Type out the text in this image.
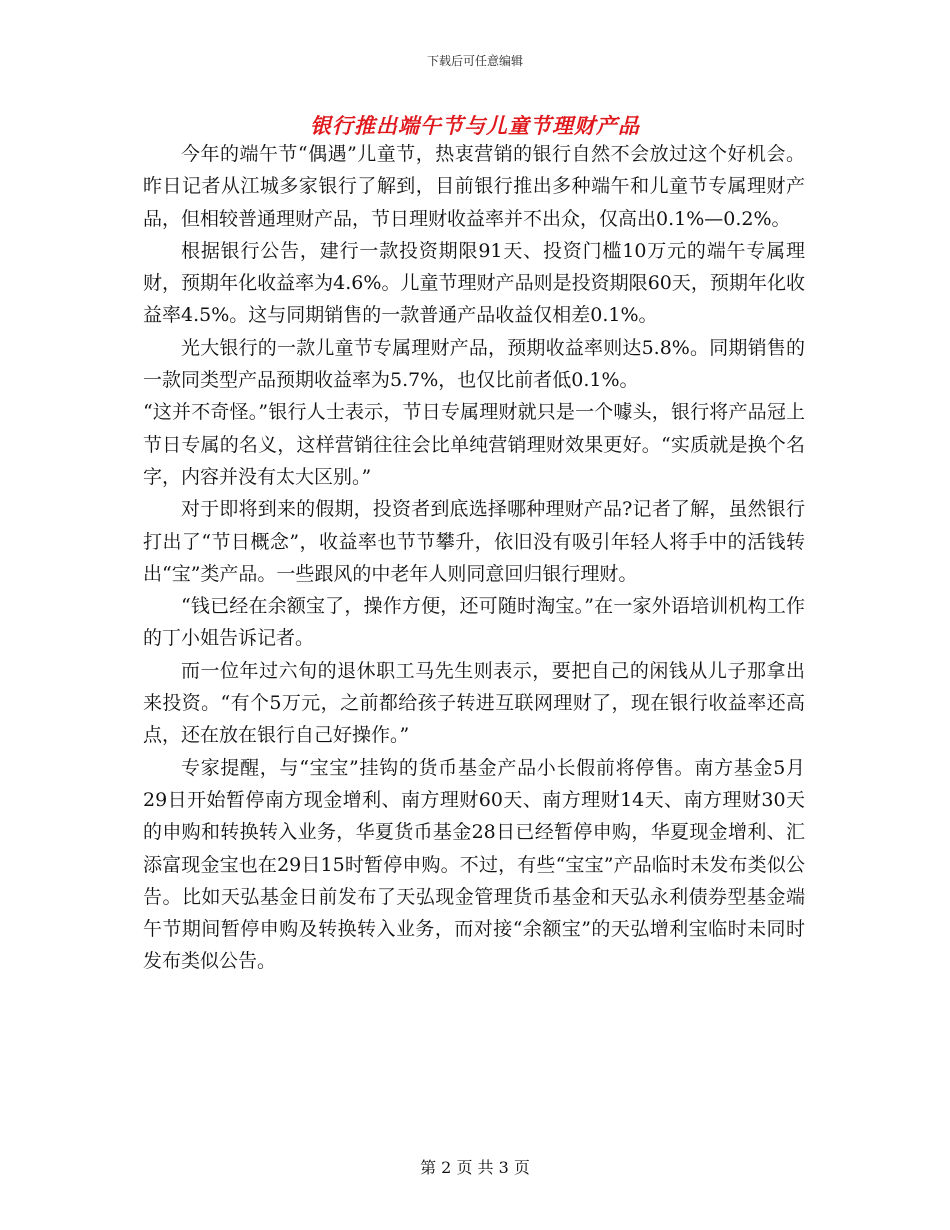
下载后可任意编辑
银行推出端午节与儿童节理财产品

今年的端午节“偶遇”儿童节，热衷营销的银行自然不会放过这个好机会。昨日记者从江城多家银行了解到，目前银行推出多种端午和儿童节专属理财产品，但相较普通理财产品，节日理财收益率并不出众，仅高出0.1%—0.2%。

根据银行公告，建行一款投资期限91天、投资门槛10万元的端午专属理财，预期年化收益率为4.6%。儿童节理财产品则是投资期限60天，预期年化收益率4.5%。这与同期销售的一款普通产品收益仅相差0.1%。

光大银行的一款儿童节专属理财产品，预期收益率则达5.8%。同期销售的一款同类型产品预期收益率为5.7%，也仅比前者低0.1%。

“这并不奇怪。”银行人士表示，节日专属理财就只是一个噱头，银行将产品冠上节日专属的名义，这样营销往往会比单纯营销理财效果更好。“实质就是换个名字，内容并没有太大区别。”

对于即将到来的假期，投资者到底选择哪种理财产品?记者了解，虽然银行打出了“节日概念”，收益率也节节攀升，依旧没有吸引年轻人将手中的活钱转出“宝”类产品。一些跟风的中老年人则同意回归银行理财。

“钱已经在余额宝了，操作方便，还可随时淘宝。”在一家外语培训机构工作的丁小姐告诉记者。

而一位年过六旬的退休职工马先生则表示，要把自己的闲钱从儿子那拿出来投资。“有个5万元，之前都给孩子转进互联网理财了，现在银行收益率还高点，还在放在银行自己好操作。”

专家提醒，与“宝宝”挂钩的货币基金产品小长假前将停售。南方基金5月29日开始暂停南方现金增利、南方理财60天、南方理财14天、南方理财30天的申购和转换转入业务，华夏货币基金28日已经暂停申购，华夏现金增利、汇添富现金宝也在29日15时暂停申购。不过，有些“宝宝”产品临时未发布类似公告。比如天弘基金日前发布了天弘现金管理货币基金和天弘永利债券型基金端午节期间暂停申购及转换转入业务，而对接“余额宝”的天弘增利宝临时未同时发布类似公告。

第 2 页 共 3 页
